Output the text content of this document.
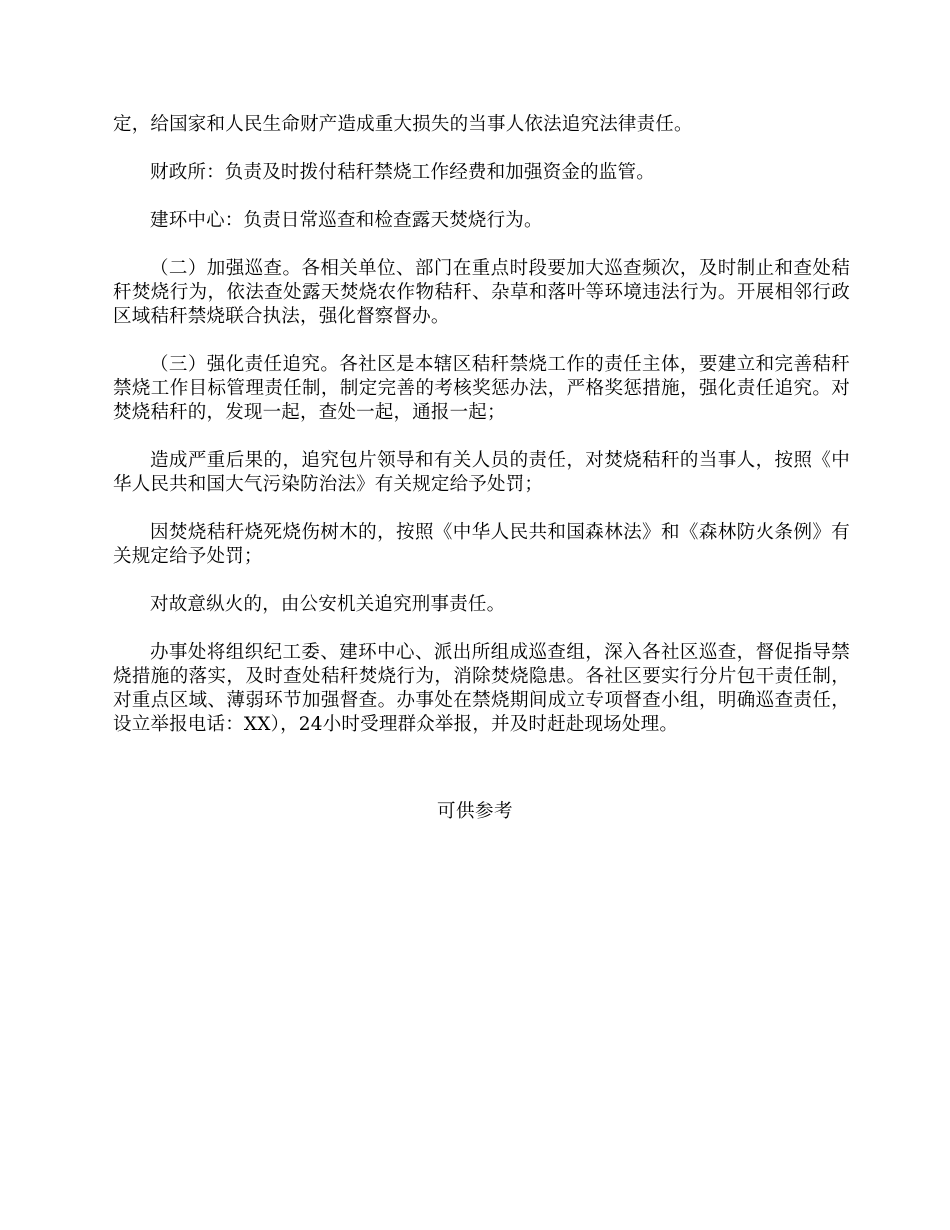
定，给国家和人民生命财产造成重大损失的当事人依法追究法律责任。

财政所：负责及时拨付秸秆禁烧工作经费和加强资金的监管。

建环中心：负责日常巡查和检查露天焚烧行为。

（二）加强巡查。各相关单位、部门在重点时段要加大巡查频次，及时制止和查处秸秆焚烧行为，依法查处露天焚烧农作物秸秆、杂草和落叶等环境违法行为。开展相邻行政区域秸秆禁烧联合执法，强化督察督办。

（三）强化责任追究。各社区是本辖区秸秆禁烧工作的责任主体，要建立和完善秸秆禁烧工作目标管理责任制，制定完善的考核奖惩办法，严格奖惩措施，强化责任追究。对焚烧秸秆的，发现一起，查处一起，通报一起；

造成严重后果的，追究包片领导和有关人员的责任，对焚烧秸秆的当事人，按照《中华人民共和国大气污染防治法》有关规定给予处罚；

因焚烧秸秆烧死烧伤树木的，按照《中华人民共和国森林法》和《森林防火条例》有关规定给予处罚；

对故意纵火的，由公安机关追究刑事责任。

办事处将组织纪工委、建环中心、派出所组成巡查组，深入各社区巡查，督促指导禁烧措施的落实，及时查处秸秆焚烧行为，消除焚烧隐患。各社区要实行分片包干责任制，对重点区域、薄弱环节加强督查。办事处在禁烧期间成立专项督查小组，明确巡查责任，设立举报电话：XX），24小时受理群众举报，并及时赶赴现场处理。

可供参考
